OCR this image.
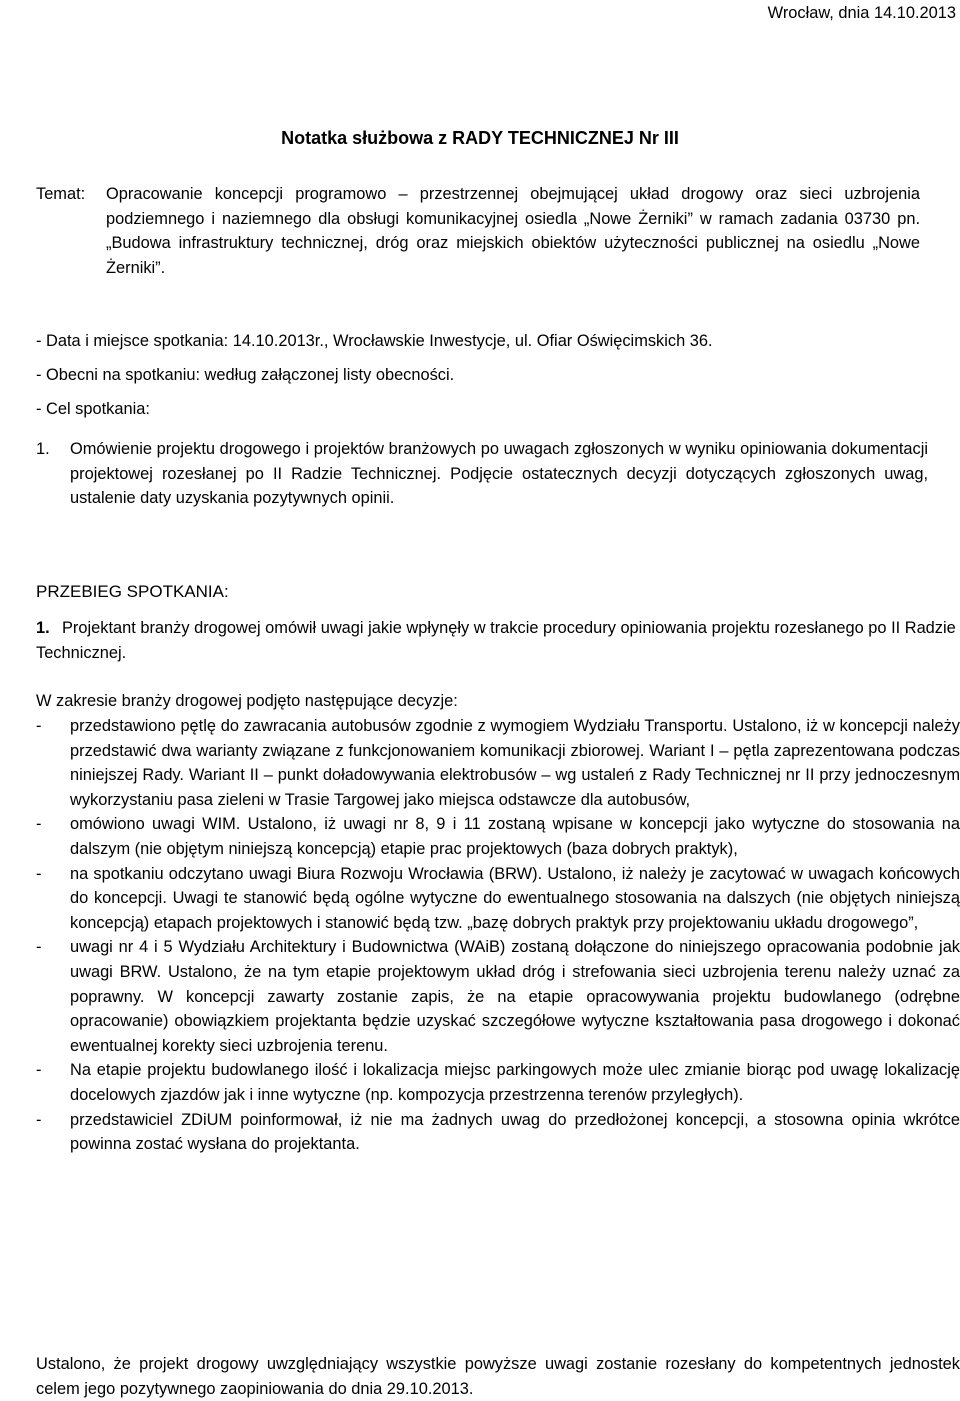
Wrocław, dnia 14.10.2013
Notatka służbowa z RADY TECHNICZNEJ Nr III
Temat: Opracowanie koncepcji programowo – przestrzennej obejmującej układ drogowy oraz sieci uzbrojenia podziemnego i naziemnego dla obsługi komunikacyjnej osiedla „Nowe Żerniki” w ramach zadania 03730 pn. „Budowa infrastruktury technicznej, dróg oraz miejskich obiektów użyteczności publicznej na osiedlu „Nowe Żerniki”.

- Data i miejsce spotkania: 14.10.2013r., Wrocławskie Inwestycje, ul. Ofiar Oświęcimskich 36.
- Obecni na spotkaniu: według załączonej listy obecności.
- Cel spotkania:
1. Omówienie projektu drogowego i projektów branżowych po uwagach zgłoszonych w wyniku opiniowania dokumentacji projektowej rozesłanej po II Radzie Technicznej. Podjęcie ostatecznych decyzji dotyczących zgłoszonych uwag, ustalenie daty uzyskania pozytywnych opinii.
PRZEBIEG SPOTKANIA:
1. Projektant branży drogowej omówił uwagi jakie wpłynęły w trakcie procedury opiniowania projektu rozesłanego po II Radzie Technicznej.
W zakresie branży drogowej podjęto następujące decyzje:
- przedstawiono pętlę do zawracania autobusów zgodnie z wymogiem Wydziału Transportu. Ustalono, iż w koncepcji należy przedstawić dwa warianty związane z funkcjonowaniem komunikacji zbiorowej. Wariant I – pętla zaprezentowana podczas niniejszej Rady. Wariant II – punkt doładowywania elektrobusów – wg ustaleń z Rady Technicznej nr II przy jednoczesnym wykorzystaniu pasa zieleni w Trasie Targowej jako miejsca odstawcze dla autobusów,
- omówiono uwagi WIM. Ustalono, iż uwagi nr 8, 9 i 11 zostaną wpisane w koncepcji jako wytyczne do stosowania na dalszym (nie objętym niniejszą koncepcją) etapie prac projektowych (baza dobrych praktyk),
- na spotkaniu odczytano uwagi Biura Rozwoju Wrocławia (BRW). Ustalono, iż należy je zacytować w uwagach końcowych do koncepcji. Uwagi te stanowić będą ogólne wytyczne do ewentualnego stosowania na dalszych (nie objętych niniejszą koncepcją) etapach projektowych i stanowić będą tzw. „bazę dobrych praktyk przy projektowaniu układu drogowego”,
- uwagi nr 4 i 5 Wydziału Architektury i Budownictwa (WAiB) zostaną dołączone do niniejszego opracowania podobnie jak uwagi BRW. Ustalono, że na tym etapie projektowym układ dróg i strefowania sieci uzbrojenia terenu należy uznać za poprawny. W koncepcji zawarty zostanie zapis, że na etapie opracowywania projektu budowlanego (odrębne opracowanie) obowiązkiem projektanta będzie uzyskać szczegółowe wytyczne kształtowania pasa drogowego i dokonać ewentualnej korekty sieci uzbrojenia terenu.
- Na etapie projektu budowlanego ilość i lokalizacja miejsc parkingowych może ulec zmianie biorąc pod uwagę lokalizację docelowych zjazdów jak i inne wytyczne (np. kompozycja przestrzenna terenów przyległych).
- przedstawiciel ZDiUM poinformował, iż nie ma żadnych uwag do przedłożonej koncepcji, a stosowna opinia wkrótce powinna zostać wysłana do projektanta.
Ustalono, że projekt drogowy uwzględniający wszystkie powyższe uwagi zostanie rozesłany do kompetentnych jednostek celem jego pozytywnego zaopiniowania do dnia 29.10.2013.
